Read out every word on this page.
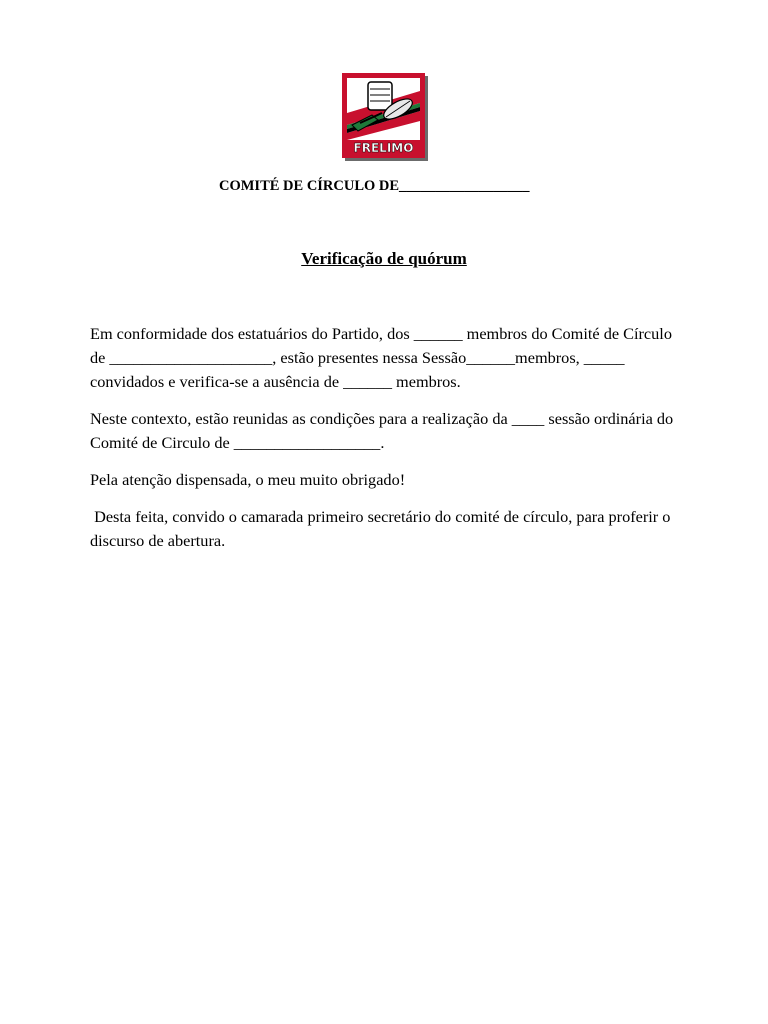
FRELIMO
COMITÉ DE CÍRCULO DE__________________
Verificação de quórum

Em conformidade dos estatuários do Partido, dos ______ membros do Comité de Círculo de ____________________, estão presentes nessa Sessão______membros, _____ convidados e verifica-se a ausência de ______ membros.

Neste contexto, estão reunidas as condições para a realização da ____ sessão ordinária do Comité de Circulo de __________________.

Pela atenção dispensada, o meu muito obrigado!

Desta feita, convido o camarada primeiro secretário do comité de círculo, para proferir o discurso de abertura.
